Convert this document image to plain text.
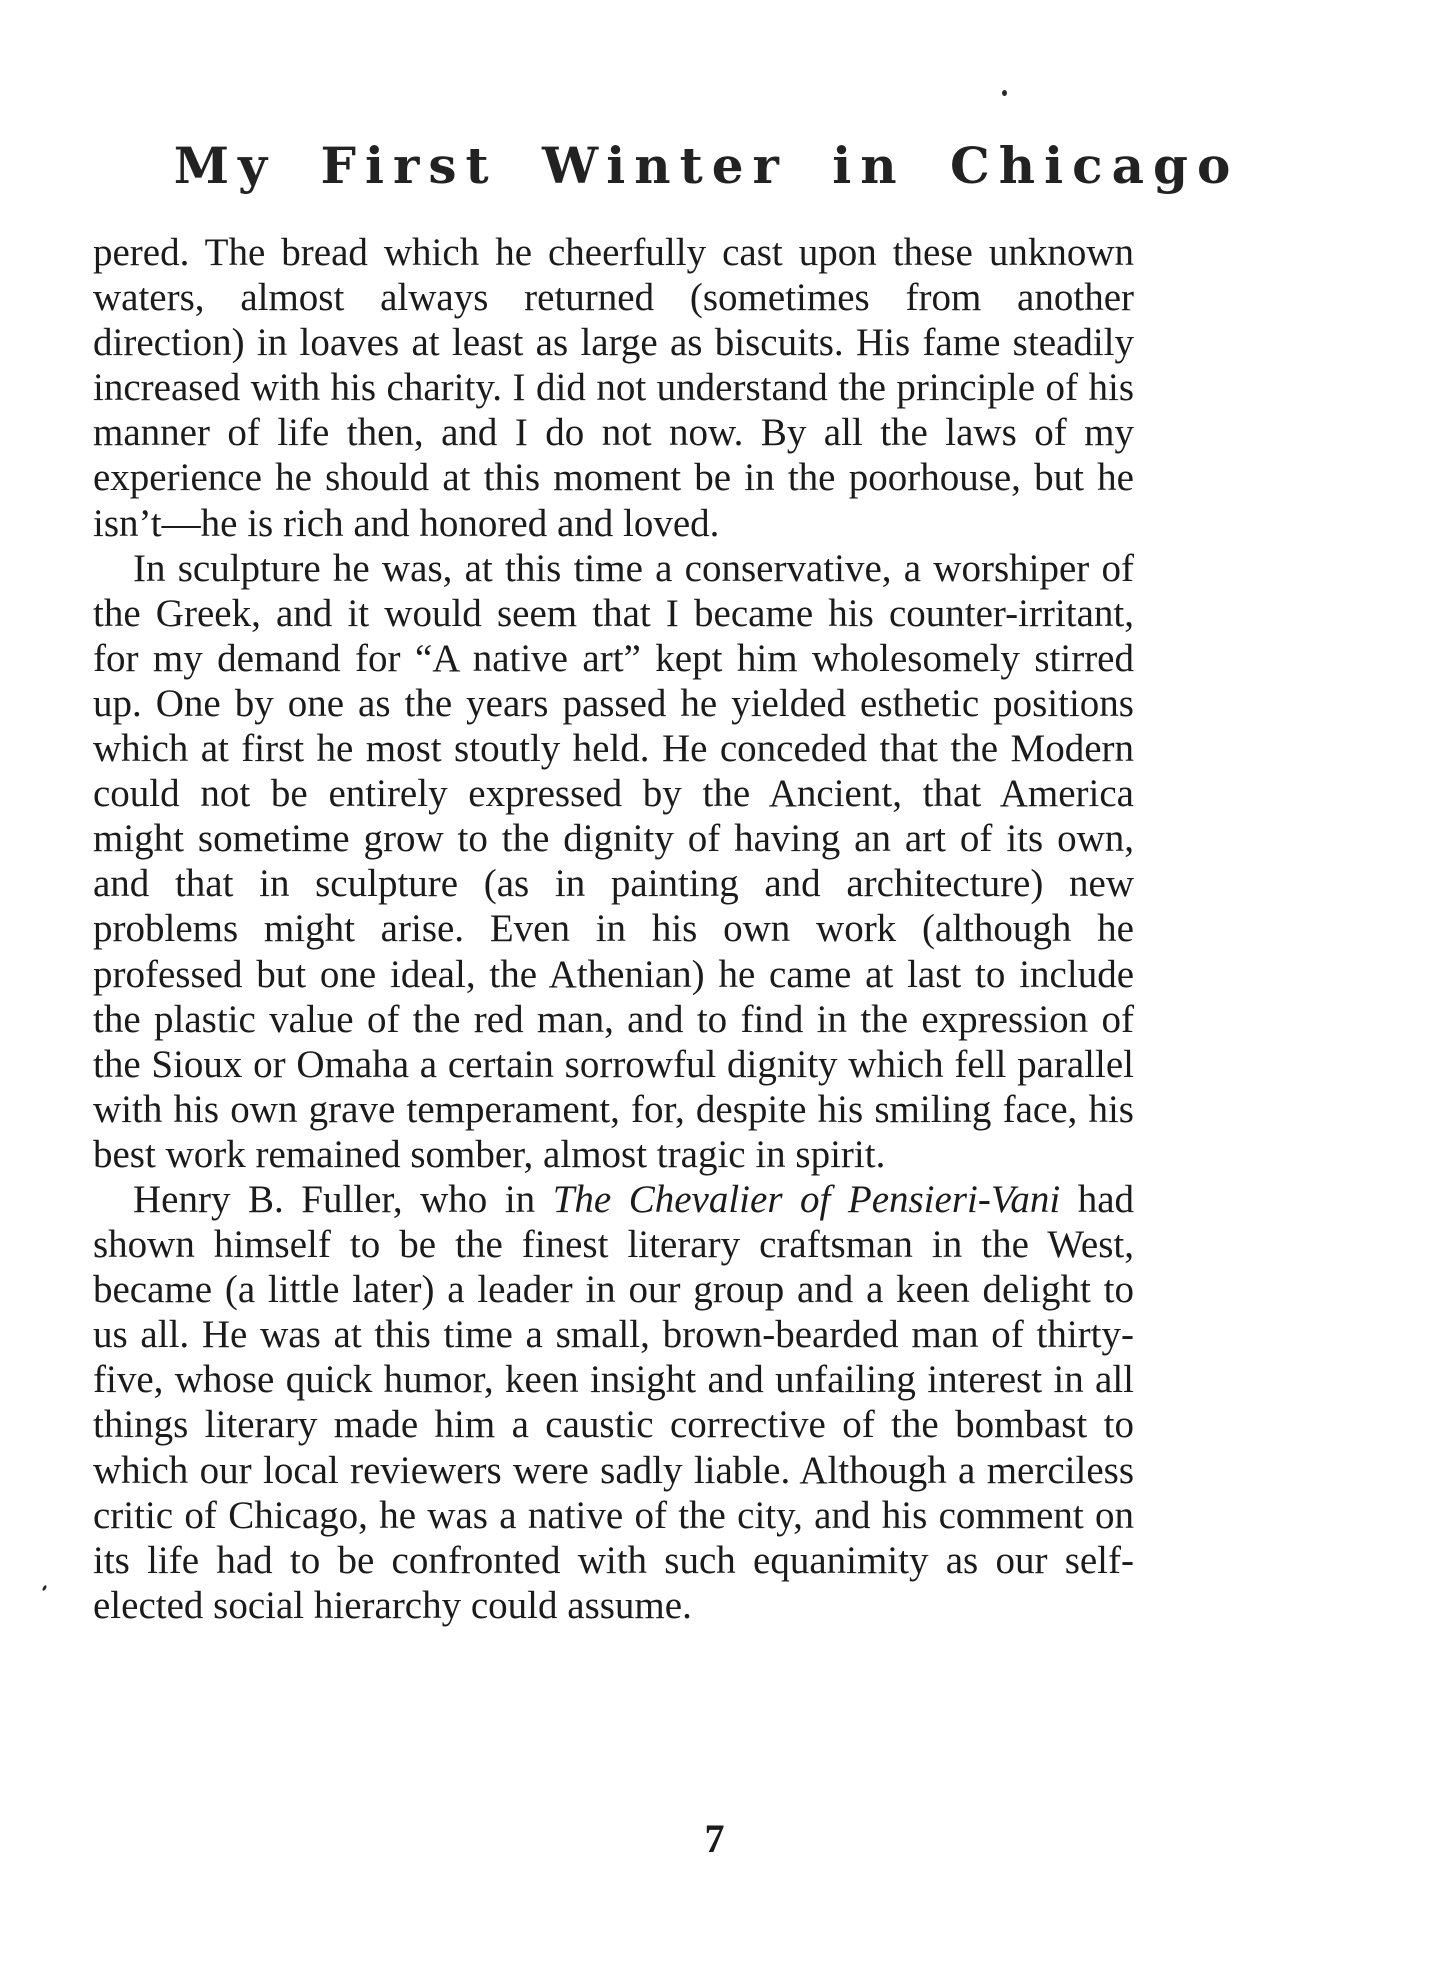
My First Winter in Chicago

pered. The bread which he cheerfully cast upon these unknown waters, almost always returned (sometimes from another direction) in loaves at least as large as biscuits. His fame steadily increased with his charity. I did not understand the principle of his manner of life then, and I do not now. By all the laws of my experience he should at this moment be in the poorhouse, but he isn’t—he is rich and honored and loved.

In sculpture he was, at this time a conservative, a worshiper of the Greek, and it would seem that I became his counter-irritant, for my demand for “A native art” kept him wholesomely stirred up. One by one as the years passed he yielded esthetic positions which at first he most stoutly held. He conceded that the Modern could not be entirely expressed by the Ancient, that America might sometime grow to the dignity of having an art of its own, and that in sculpture (as in painting and architecture) new problems might arise. Even in his own work (although he professed but one ideal, the Athenian) he came at last to include the plastic value of the red man, and to find in the expression of the Sioux or Omaha a certain sorrowful dignity which fell parallel with his own grave temperament, for, despite his smiling face, his best work remained somber, almost tragic in spirit.

Henry B. Fuller, who in The Chevalier of Pensieri-Vani had shown himself to be the finest literary craftsman in the West, became (a little later) a leader in our group and a keen delight to us all. He was at this time a small, brown-bearded man of thirty-five, whose quick humor, keen insight and unfailing interest in all things literary made him a caustic corrective of the bombast to which our local reviewers were sadly liable. Although a merciless critic of Chicago, he was a native of the city, and his comment on its life had to be confronted with such equanimity as our self-elected social hierarchy could assume.

7
